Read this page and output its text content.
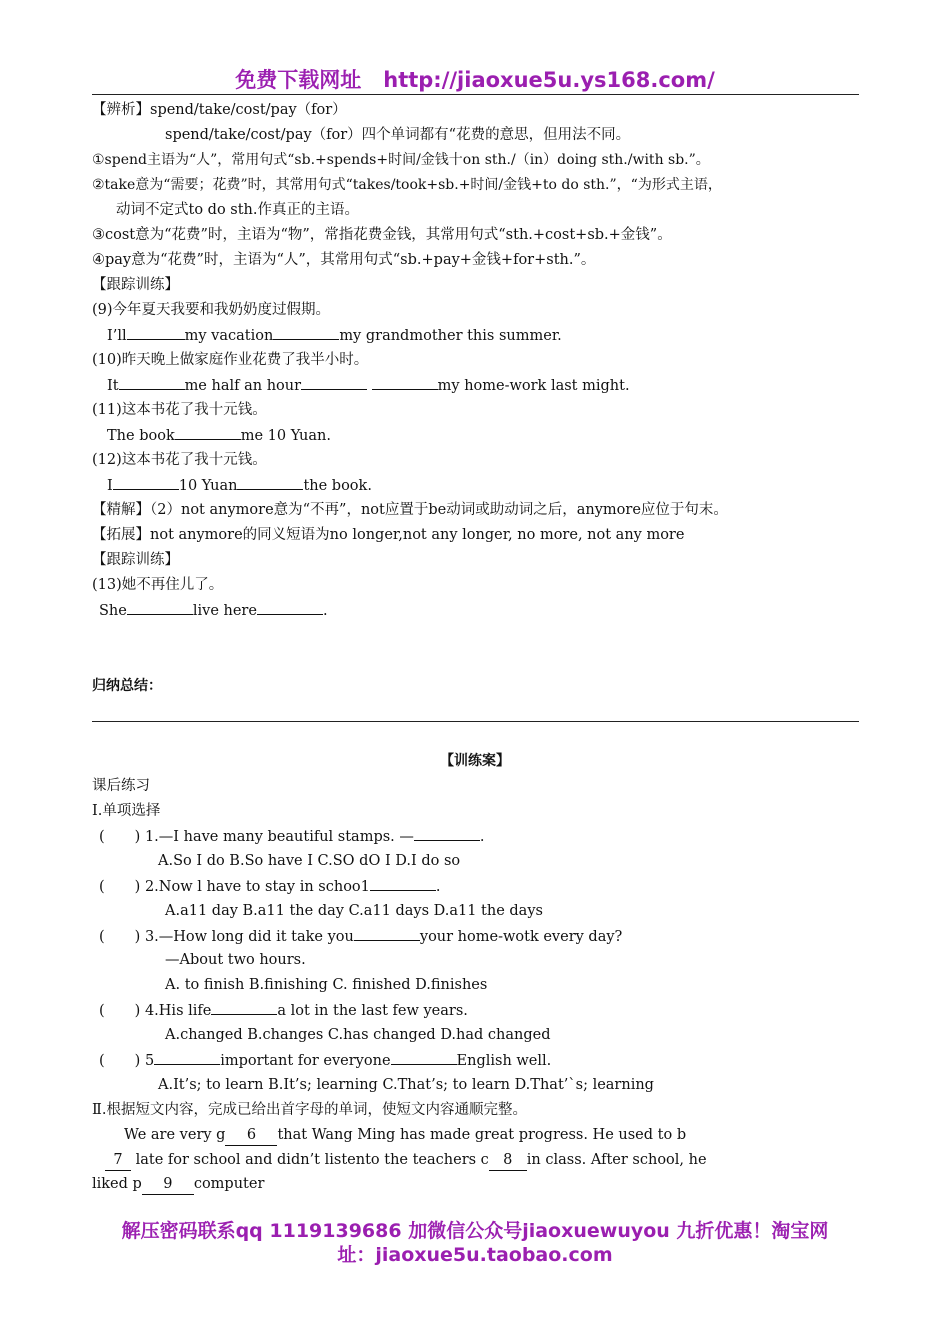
免费下载网址 http://jiaoxue5u.ys168.com/
【辨析】spend/take/cost/pay（for）
spend/take/cost/pay（for）四个单词都有“花费的意思，但用法不同。
①spend主语为“人”，常用句式“sb.+spends+时间/金钱十on sth./（in）doing sth./with sb.”。
②take意为“需要；花费”时，其常用句式“takes/took+sb.+时间/金钱+to do sth.”，“为形式主语，
动词不定式to do sth.作真正的主语。
③cost意为“花费”时，主语为“物”，常指花费金钱，其常用句式“sth.+cost+sb.+金钱”。
④pay意为“花费”时，主语为“人”，其常用句式“sb.+pay+金钱+for+sth.”。
【跟踪训练】
(9)今年夏天我要和我奶奶度过假期。
I’ll	my vacation	my grandmother this summer.
(10)昨天晚上做家庭作业花费了我半小时。
It	me half an hour	my home-work last might.
(11)这本书花了我十元钱。
The book	me 10 Yuan.
(12)这本书花了我十元钱。
I	10 Yuan	the book.
【精解】（2）not anymore意为“不再”，not应置于be动词或助动词之后，anymore应位于句末。
【拓展】not anymore的同义短语为no longer,not any longer, no more, not any more
【跟踪训练】
(13)她不再住儿了。
She	live here	.
归纳总结：
【训练案】
课后练习
Ⅰ.单项选择
( ) 1.—I have many beautiful stamps. —	.
A.So I do B.So have I C.SO dO I D.I do so
( ) 2.Now l have to stay in schoo1	.
A.a11 day B.a11 the day C.a11 days D.a11 the days
( ) 3.—How long did it take you	your home-wotk every day?
—About two hours.
A. to finish B.finishing C. finished D.finishes
( ) 4.His life	a lot in the last few years.
A.changed B.changes C.has changed D.had changed
( ) 5	important for everyone	English well.
A.It’s; to learn B.It’s; learning C.That’s; to learn D.That’`s; learning
Ⅱ.根据短文内容，完成已给出首字母的单词，使短文内容通顺完整。
We are very g 6 that Wang Ming has made great progress. He used to b
7 late for school and didn’t listento the teachers c 8 in class. After school, he
liked p 9 computer
解压密码联系qq 1119139686 加微信公众号jiaoxuewuyou 九折优惠！淘宝网
址：jiaoxue5u.taobao.com
